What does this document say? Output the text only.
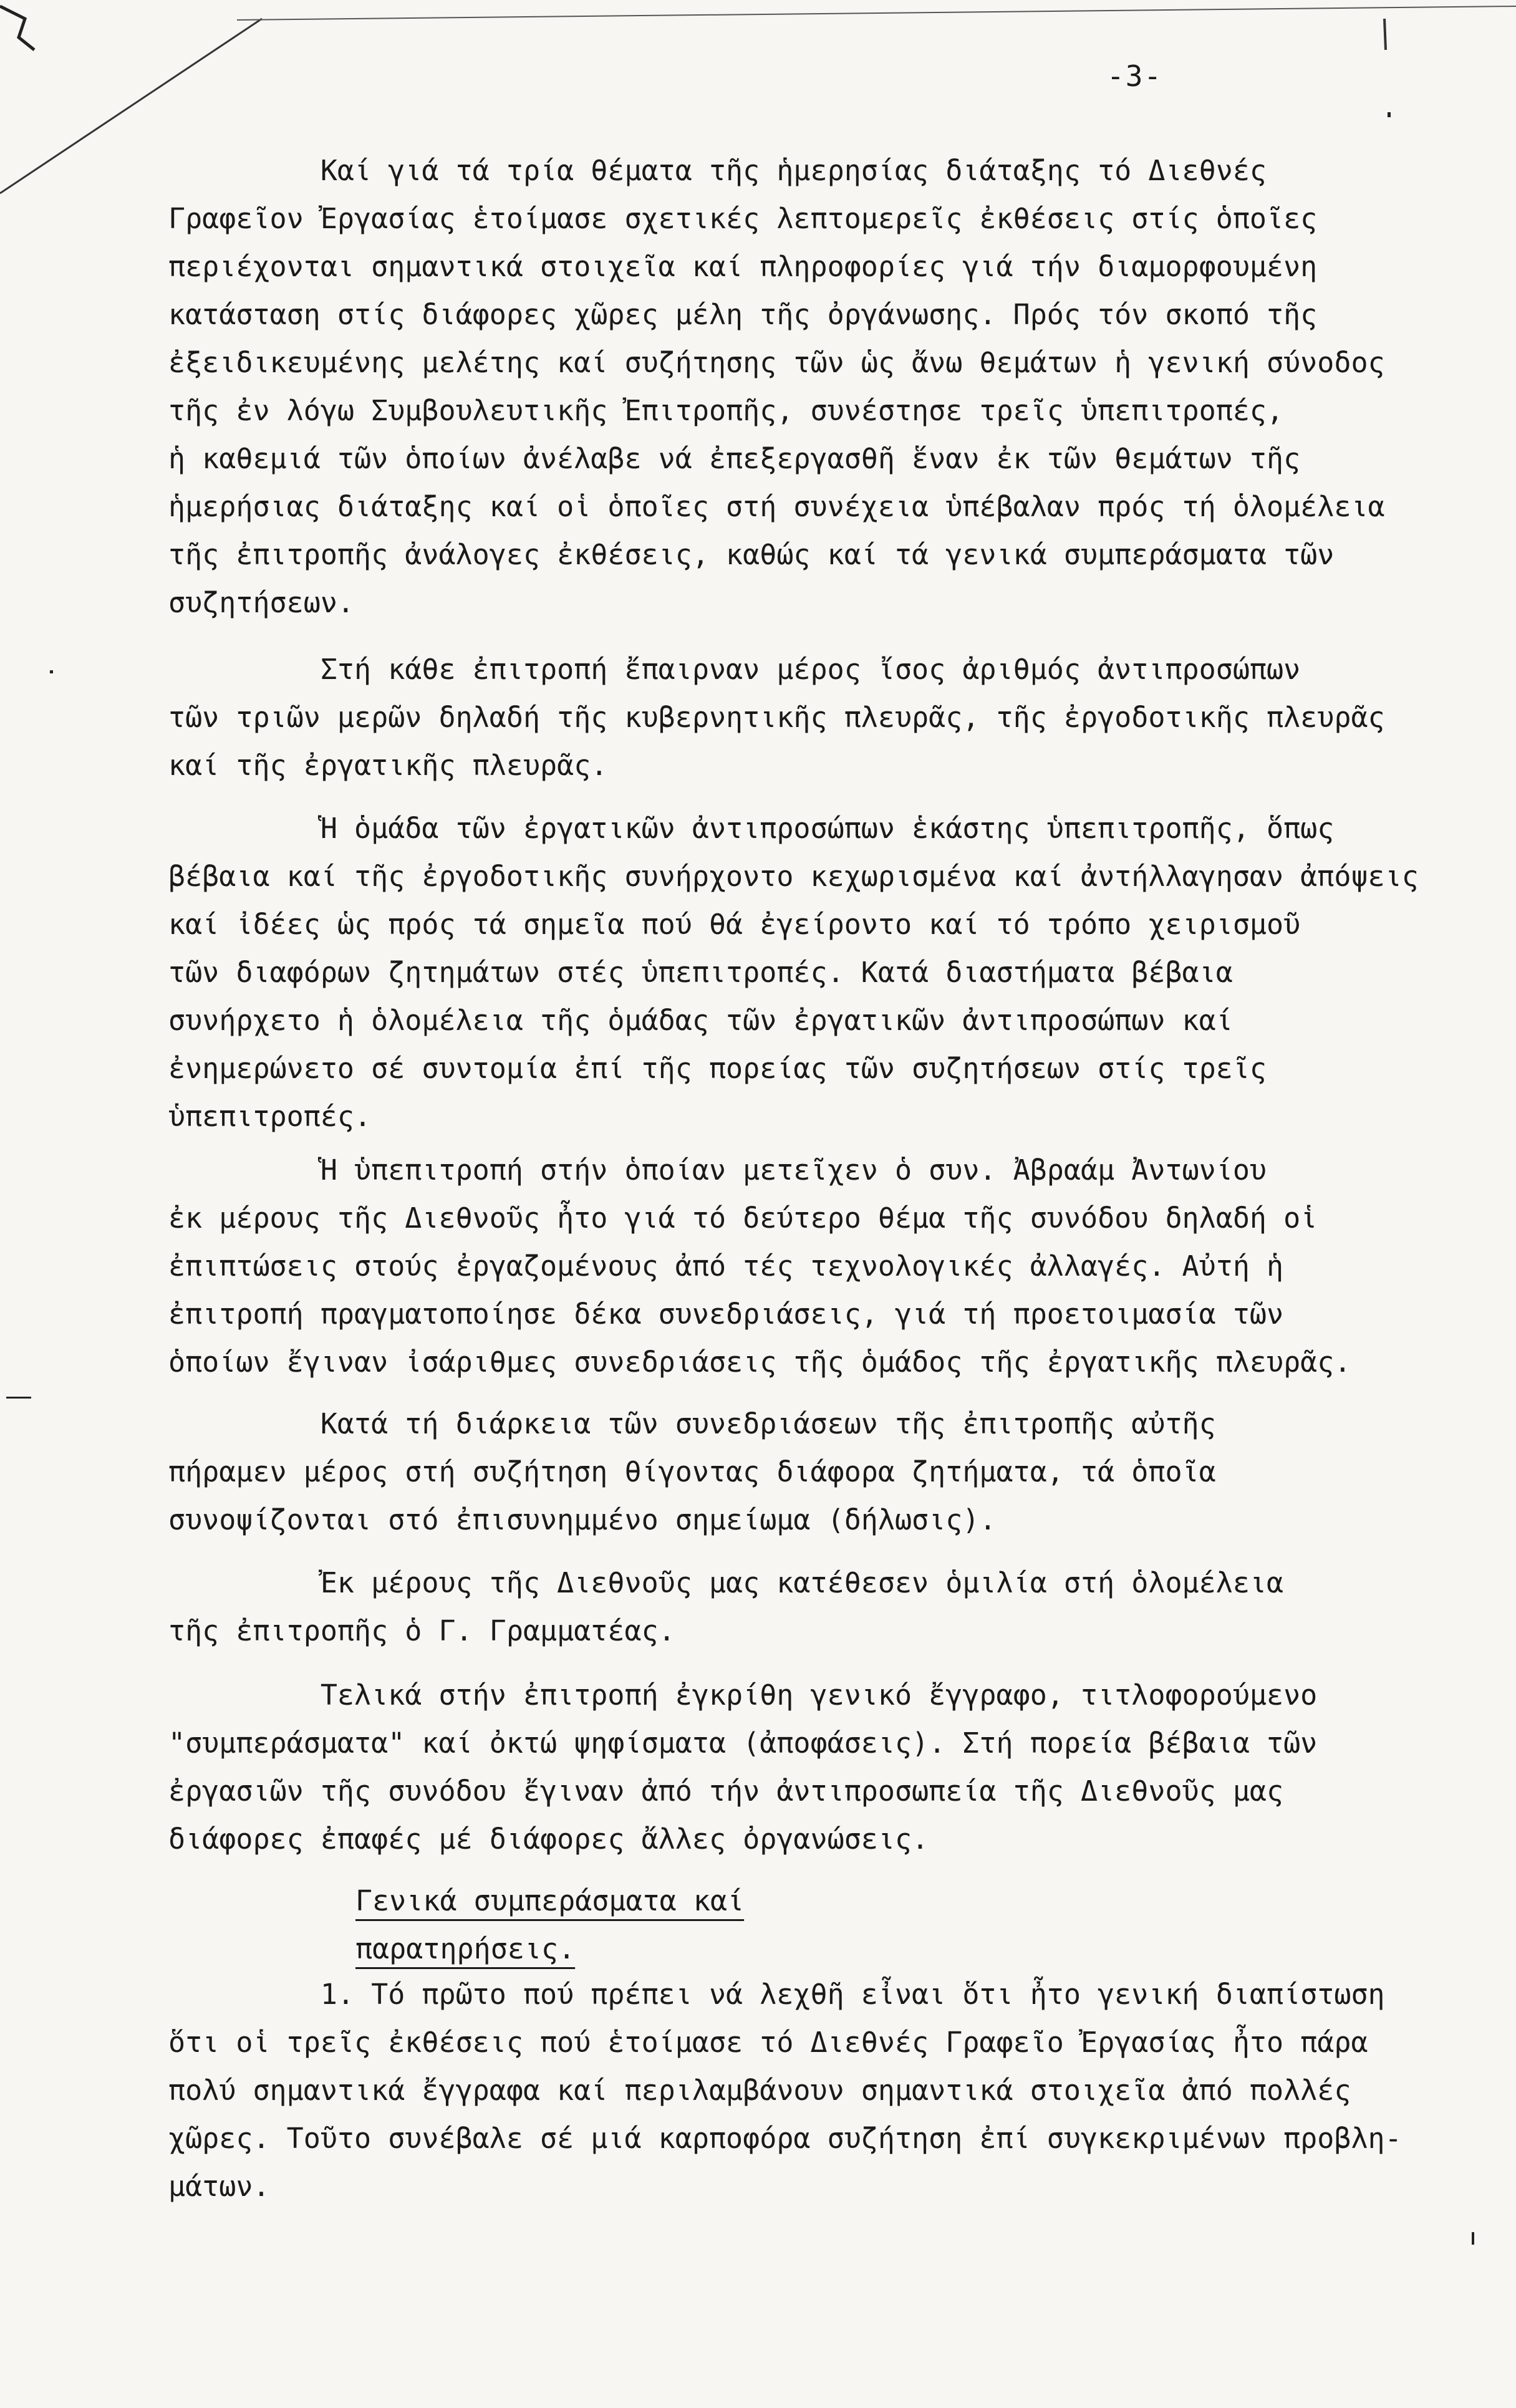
-3-
Καί γιά τά τρία θέματα τῆς ἡμερησίας διάταξης τό Διεθνές
Γραφεῖον Ἐργασίας ἑτοίμασε σχετικές λεπτομερεῖς ἐκθέσεις στίς ὁποῖες
περιέχονται σημαντικά στοιχεῖα καί πληροφορίες γιά τήν διαμορφουμένη
κατάσταση στίς διάφορες χῶρες μέλη τῆς ὀργάνωσης. Πρός τόν σκοπό τῆς
ἐξειδικευμένης μελέτης καί συζήτησης τῶν ὡς ἄνω θεμάτων ἡ γενική σύνοδος
τῆς ἐν λόγω Συμβουλευτικῆς Ἐπιτροπῆς, συνέστησε τρεῖς ὑπεπιτροπές,
ἡ καθεμιά τῶν ὁποίων ἀνέλαβε νά ἐπεξεργασθῆ ἕναν ἐκ τῶν θεμάτων τῆς
ἡμερήσιας διάταξης καί οἱ ὁποῖες στή συνέχεια ὑπέβαλαν πρός τή ὁλομέλεια
τῆς ἐπιτροπῆς ἀνάλογες ἐκθέσεις, καθώς καί τά γενικά συμπεράσματα τῶν
συζητήσεων.
Στή κάθε ἐπιτροπή ἔπαιρναν μέρος ἴσος ἀριθμός ἀντιπροσώπων
τῶν τριῶν μερῶν δηλαδή τῆς κυβερνητικῆς πλευρᾶς, τῆς ἐργοδοτικῆς πλευρᾶς
καί τῆς ἐργατικῆς πλευρᾶς.
Ἡ ὁμάδα τῶν ἐργατικῶν ἀντιπροσώπων ἑκάστης ὑπεπιτροπῆς, ὅπως
βέβαια καί τῆς ἐργοδοτικῆς συνήρχοντο κεχωρισμένα καί ἀντήλλαγησαν ἀπόψεις
καί ἰδέες ὡς πρός τά σημεῖα πού θά ἐγείροντο καί τό τρόπο χειρισμοῦ
τῶν διαφόρων ζητημάτων στές ὑπεπιτροπές. Κατά διαστήματα βέβαια
συνήρχετο ἡ ὁλομέλεια τῆς ὁμάδας τῶν ἐργατικῶν ἀντιπροσώπων καί
ἐνημερώνετο σέ συντομία ἐπί τῆς πορείας τῶν συζητήσεων στίς τρεῖς
ὑπεπιτροπές.
Ἡ ὑπεπιτροπή στήν ὁποίαν μετεῖχεν ὁ συν. Ἀβραάμ Ἀντωνίου
ἐκ μέρους τῆς Διεθνοῦς ἦτο γιά τό δεύτερο θέμα τῆς συνόδου δηλαδή οἱ
ἐπιπτώσεις στούς ἐργαζομένους ἀπό τές τεχνολογικές ἀλλαγές. Αὐτή ἡ
ἐπιτροπή πραγματοποίησε δέκα συνεδριάσεις, γιά τή προετοιμασία τῶν
ὁποίων ἔγιναν ἰσάριθμες συνεδριάσεις τῆς ὁμάδος τῆς ἐργατικῆς πλευρᾶς.
Κατά τή διάρκεια τῶν συνεδριάσεων τῆς ἐπιτροπῆς αὐτῆς
πήραμεν μέρος στή συζήτηση θίγοντας διάφορα ζητήματα, τά ὁποῖα
συνοψίζονται στό ἐπισυνημμένο σημείωμα (δήλωσις).
Ἐκ μέρους τῆς Διεθνοῦς μας κατέθεσεν ὁμιλία στή ὁλομέλεια
τῆς ἐπιτροπῆς ὁ Γ. Γραμματέας.
Τελικά στήν ἐπιτροπή ἐγκρίθη γενικό ἔγγραφο, τιτλοφορούμενο
"συμπεράσματα" καί ὀκτώ ψηφίσματα (ἀποφάσεις). Στή πορεία βέβαια τῶν
ἐργασιῶν τῆς συνόδου ἔγιναν ἀπό τήν ἀντιπροσωπεία τῆς Διεθνοῦς μας
διάφορες ἐπαφές μέ διάφορες ἄλλες ὀργανώσεις.
Γενικά συμπεράσματα καί
παρατηρήσεις.
1. Τό πρῶτο πού πρέπει νά λεχθῆ εἶναι ὅτι ἦτο γενική διαπίστωση
ὅτι οἱ τρεῖς ἐκθέσεις πού ἑτοίμασε τό Διεθνές Γραφεῖο Ἐργασίας ἦτο πάρα
πολύ σημαντικά ἔγγραφα καί περιλαμβάνουν σημαντικά στοιχεῖα ἀπό πολλές
χῶρες. Τοῦτο συνέβαλε σέ μιά καρποφόρα συζήτηση ἐπί συγκεκριμένων προβλη-
μάτων.
